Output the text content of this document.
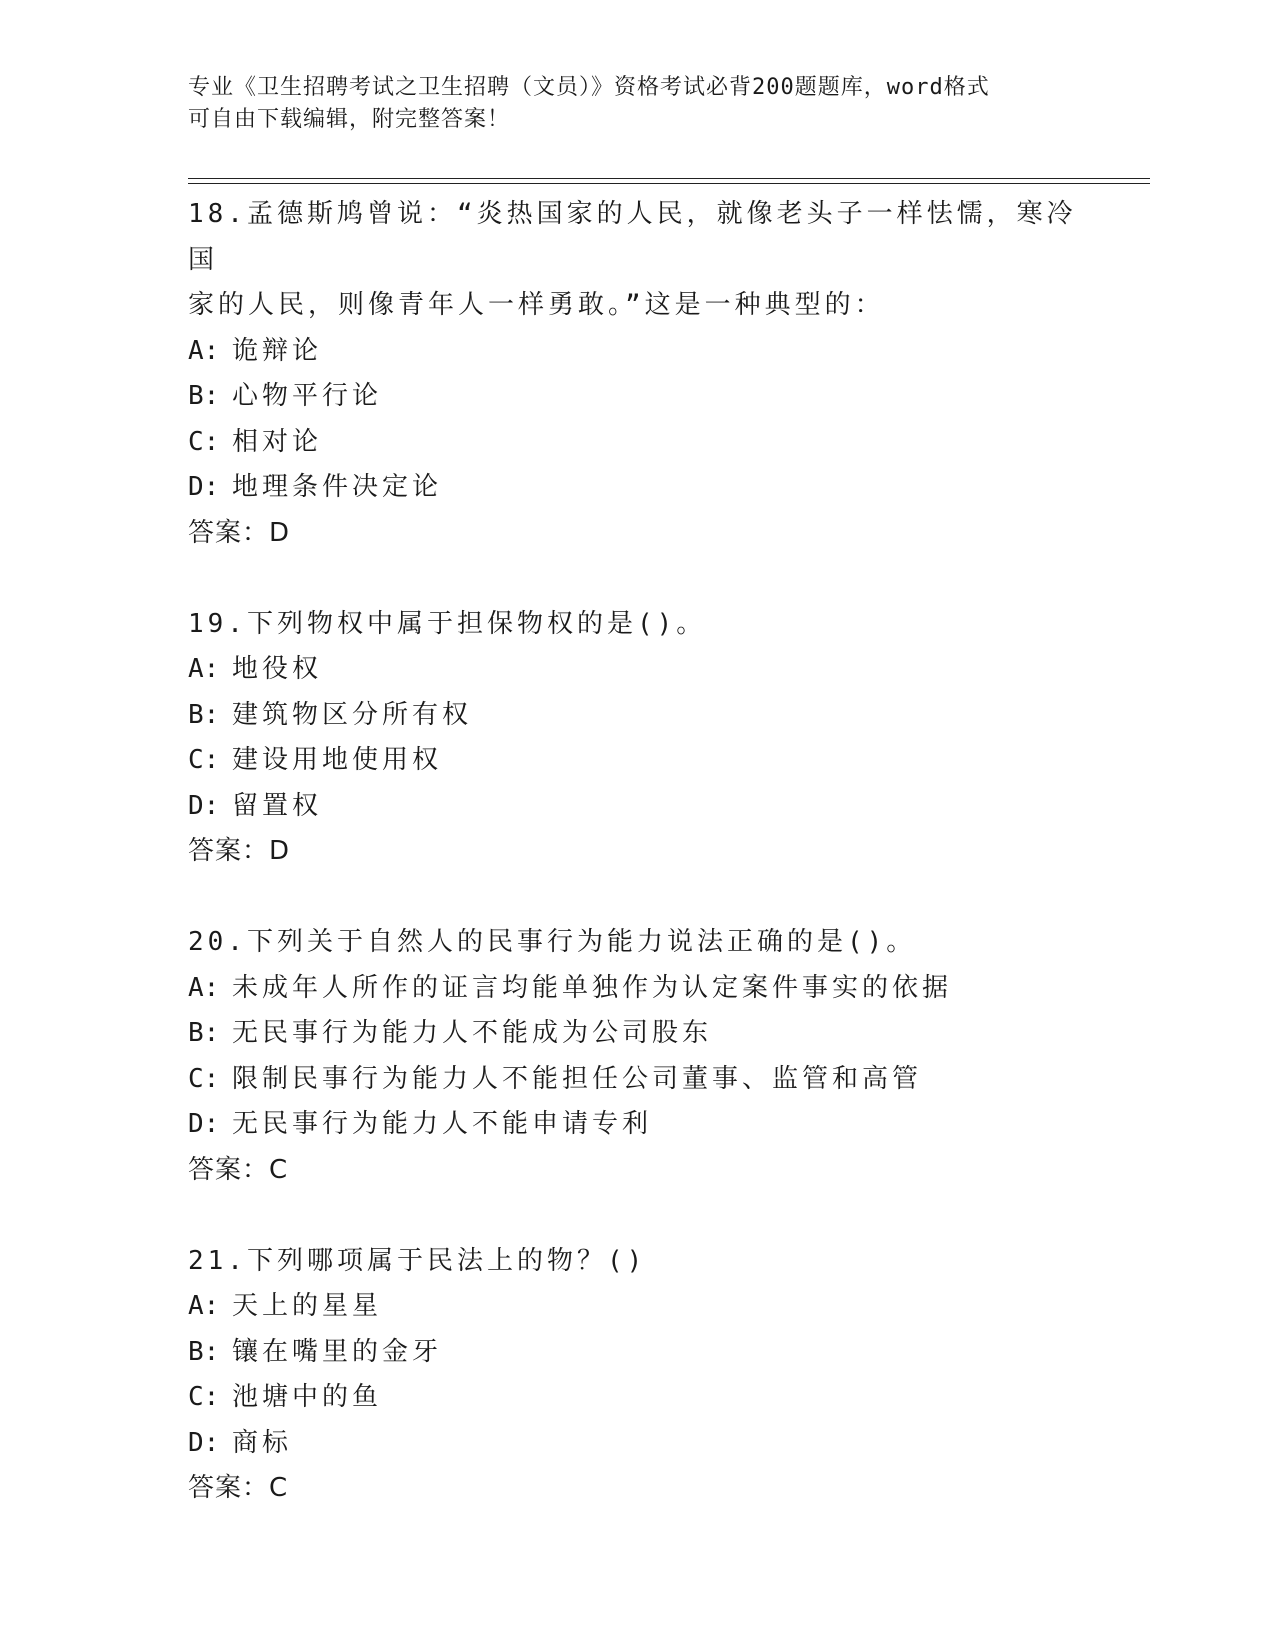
专业《卫生招聘考试之卫生招聘（文员）》资格考试必背200题题库，word格式
可自由下载编辑，附完整答案！
18.孟德斯鸠曾说：“炎热国家的人民，就像老头子一样怯懦，寒冷国
家的人民，则像青年人一样勇敢。”这是一种典型的：
A: 诡辩论
B: 心物平行论
C: 相对论
D: 地理条件决定论
答案：D
19.下列物权中属于担保物权的是()。
A: 地役权
B: 建筑物区分所有权
C: 建设用地使用权
D: 留置权
答案：D
20.下列关于自然人的民事行为能力说法正确的是()。
A: 未成年人所作的证言均能单独作为认定案件事实的依据
B: 无民事行为能力人不能成为公司股东
C: 限制民事行为能力人不能担任公司董事、监管和高管
D: 无民事行为能力人不能申请专利
答案：C
21.下列哪项属于民法上的物？()
A: 天上的星星
B: 镶在嘴里的金牙
C: 池塘中的鱼
D: 商标
答案：C
